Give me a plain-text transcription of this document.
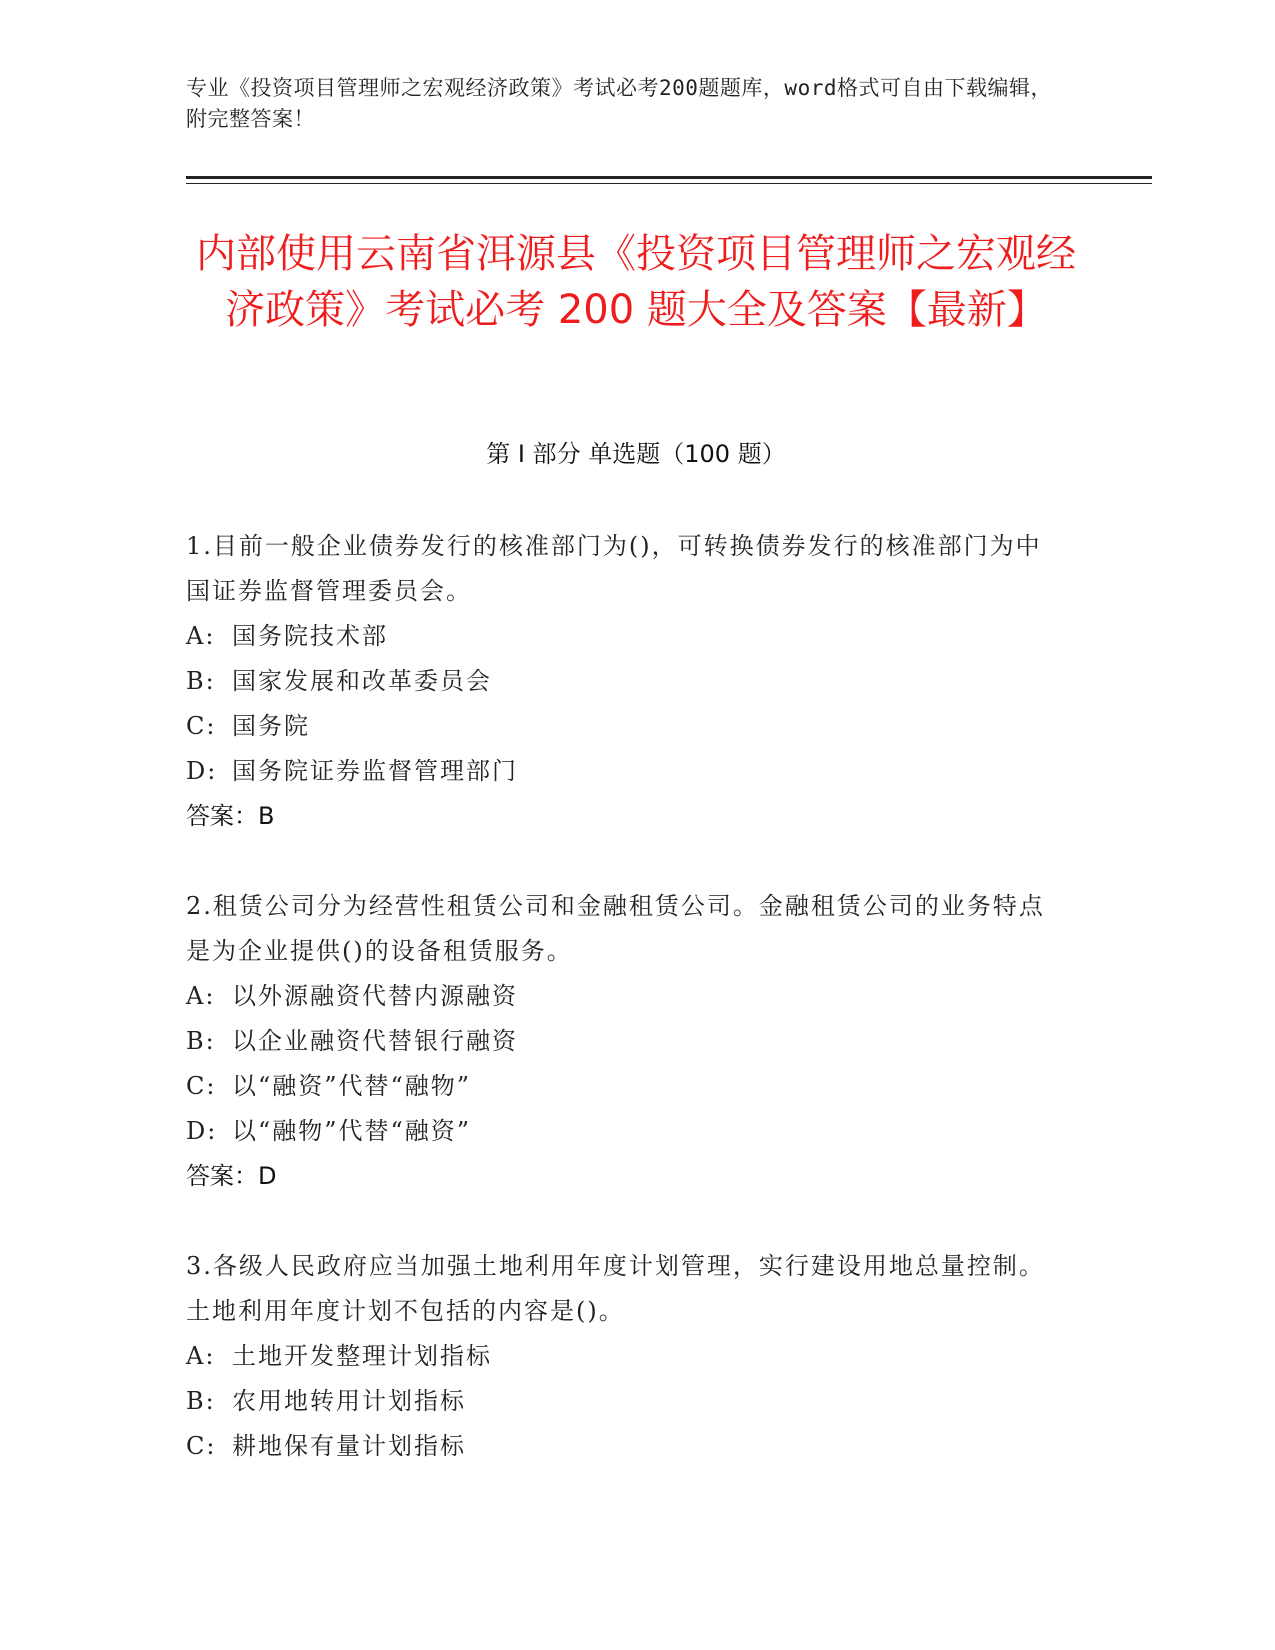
专业《投资项目管理师之宏观经济政策》考试必考200题题库，word格式可自由下载编辑，附完整答案！
内部使用云南省洱源县《投资项目管理师之宏观经济政策》考试必考 200 题大全及答案【最新】
第 I 部分 单选题（100 题）
1.目前一般企业债券发行的核准部门为()，可转换债券发行的核准部门为中国证券监督管理委员会。
A: 国务院技术部
B: 国家发展和改革委员会
C: 国务院
D: 国务院证券监督管理部门
答案：B
2.租赁公司分为经营性租赁公司和金融租赁公司。金融租赁公司的业务特点是为企业提供()的设备租赁服务。
A: 以外源融资代替内源融资
B: 以企业融资代替银行融资
C: 以“融资”代替“融物”
D: 以“融物”代替“融资”
答案：D
3.各级人民政府应当加强土地利用年度计划管理，实行建设用地总量控制。土地利用年度计划不包括的内容是()。
A: 土地开发整理计划指标
B: 农用地转用计划指标
C: 耕地保有量计划指标
